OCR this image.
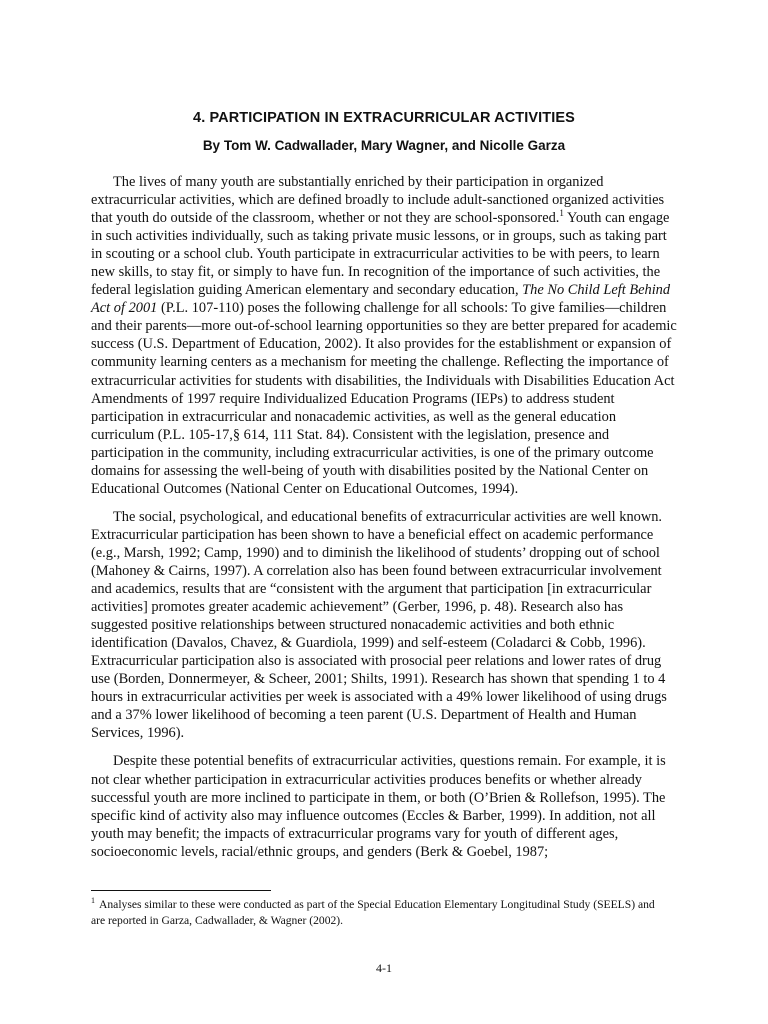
4. PARTICIPATION IN EXTRACURRICULAR ACTIVITIES
By Tom W. Cadwallader, Mary Wagner, and Nicolle Garza

The lives of many youth are substantially enriched by their participation in organized extracurricular activities, which are defined broadly to include adult-sanctioned organized activities that youth do outside of the classroom, whether or not they are school-sponsored.$^1$ Youth can engage in such activities individually, such as taking private music lessons, or in groups, such as taking part in scouting or a school club. Youth participate in extracurricular activities to be with peers, to learn new skills, to stay fit, or simply to have fun. In recognition of the importance of such activities, the federal legislation guiding American elementary and secondary education, The No Child Left Behind Act of 2001 (P.L. 107-110) poses the following challenge for all schools: To give families—children and their parents—more out-of-school learning opportunities so they are better prepared for academic success (U.S. Department of Education, 2002). It also provides for the establishment or expansion of community learning centers as a mechanism for meeting the challenge. Reflecting the importance of extracurricular activities for students with disabilities, the Individuals with Disabilities Education Act Amendments of 1997 require Individualized Education Programs (IEPs) to address student participation in extracurricular and nonacademic activities, as well as the general education curriculum (P.L. 105-17,§ 614, 111 Stat. 84). Consistent with the legislation, presence and participation in the community, including extracurricular activities, is one of the primary outcome domains for assessing the well-being of youth with disabilities posited by the National Center on Educational Outcomes (National Center on Educational Outcomes, 1994).

The social, psychological, and educational benefits of extracurricular activities are well known. Extracurricular participation has been shown to have a beneficial effect on academic performance (e.g., Marsh, 1992; Camp, 1990) and to diminish the likelihood of students’ dropping out of school (Mahoney & Cairns, 1997). A correlation also has been found between extracurricular involvement and academics, results that are “consistent with the argument that participation [in extracurricular activities] promotes greater academic achievement” (Gerber, 1996, p. 48). Research also has suggested positive relationships between structured nonacademic activities and both ethnic identification (Davalos, Chavez, & Guardiola, 1999) and self-esteem (Coladarci & Cobb, 1996). Extracurricular participation also is associated with prosocial peer relations and lower rates of drug use (Borden, Donnermeyer, & Scheer, 2001; Shilts, 1991). Research has shown that spending 1 to 4 hours in extracurricular activities per week is associated with a 49% lower likelihood of using drugs and a 37% lower likelihood of becoming a teen parent (U.S. Department of Health and Human Services, 1996).

Despite these potential benefits of extracurricular activities, questions remain. For example, it is not clear whether participation in extracurricular activities produces benefits or whether already successful youth are more inclined to participate in them, or both (O’Brien & Rollefson, 1995). The specific kind of activity also may influence outcomes (Eccles & Barber, 1999). In addition, not all youth may benefit; the impacts of extracurricular programs vary for youth of different ages, socioeconomic levels, racial/ethnic groups, and genders (Berk & Goebel, 1987;

$^1$ Analyses similar to these were conducted as part of the Special Education Elementary Longitudinal Study (SEELS) and are reported in Garza, Cadwallader, & Wagner (2002).
4-1
